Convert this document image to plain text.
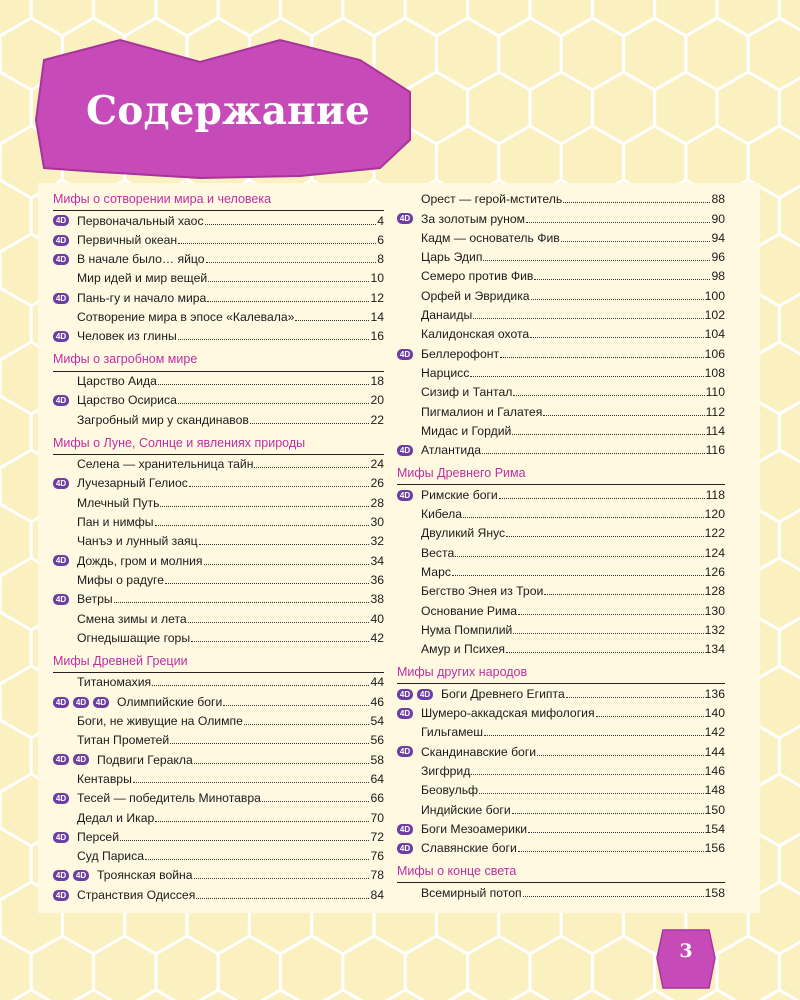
Содержание
Мифы о сотворении мира и человека
4D Первоначальный хаос	4
4D Первичный океан	6
4D В начале было… яйцо	8
Мир идей и мир вещей	10
4D Пань-гу и начало мира	12
Сотворение мира в эпосе «Калевала»	14
4D Человек из глины	16
Мифы о загробном мире
Царство Аида	18
4D Царство Осириса	20
Загробный мир у скандинавов	22
Мифы о Луне, Солнце и явлениях природы
Селена — хранительница тайн	24
4D Лучезарный Гелиос	26
Млечный Путь	28
Пан и нимфы	30
Чанъэ и лунный заяц	32
4D Дождь, гром и молния	34
Мифы о радуге	36
4D Ветры	38
Смена зимы и лета	40
Огнедышащие горы	42
Мифы Древней Греции
Титаномахия	44
4D	4D	4D Олимпийские боги	46
Боги, не живущие на Олимпе	54
Титан Прометей	56
4D	4D Подвиги Геракла	58
Кентавры	64
4D Тесей — победитель Минотавра	66
Дедал и Икар	70
4D Персей	72
Суд Париса	76
4D	4D Троянская война	78
4D Странствия Одиссея	84
Орест — герой-мститель	88
4D За золотым руном	90
Кадм — основатель Фив	94
Царь Эдип	96
Семеро против Фив	98
Орфей и Эвридика	100
Данаиды	102
Калидонская охота	104
4D Беллерофонт	106
Нарцисс	108
Сизиф и Тантал	110
Пигмалион и Галатея	112
Мидас и Гордий	114
4D Атлантида	116
Мифы Древнего Рима
4D Римские боги	118
Кибела	120
Двуликий Янус	122
Веста	124
Марс	126
Бегство Энея из Трои	128
Основание Рима	130
Нума Помпилий	132
Амур и Психея	134
Мифы других народов
4D	4D Боги Древнего Египта	136
4D Шумеро-аккадская мифология	140
Гильгамеш	142
4D Скандинавские боги	144
Зигфрид	146
Беовульф	148
Индийские боги	150
4D Боги Мезоамерики	154
4D Славянские боги	156
Мифы о конце света
Всемирный потоп	158
3
